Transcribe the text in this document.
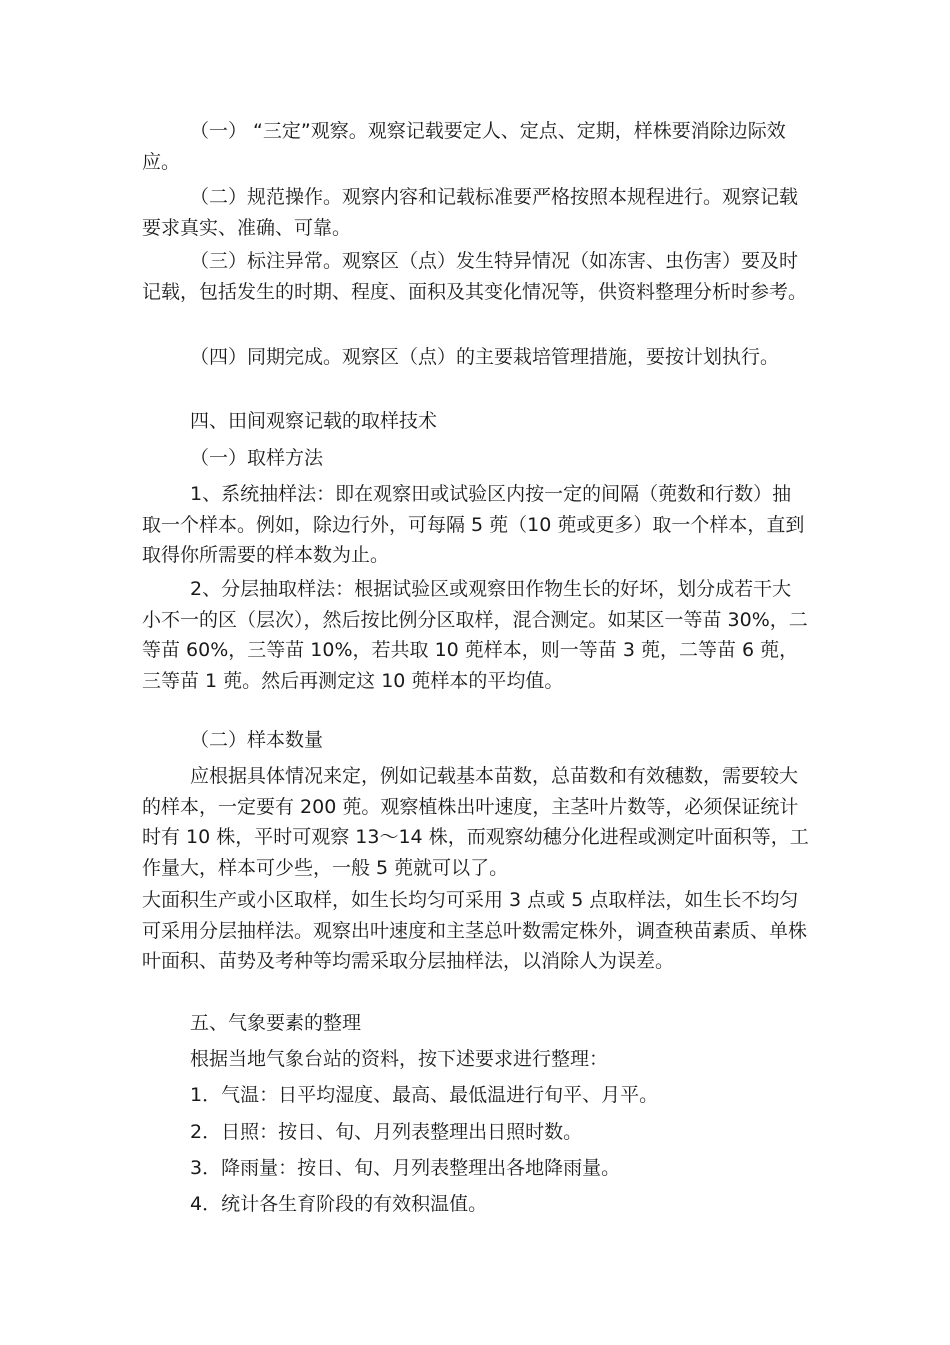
（一） “三定”观察。观察记载要定人、定点、定期，样株要消除边际效应。

（二）规范操作。观察内容和记载标准要严格按照本规程进行。观察记载要求真实、准确、可靠。

（三）标注异常。观察区（点）发生特异情况（如冻害、虫伤害）要及时记载，包括发生的时期、程度、面积及其变化情况等，供资料整理分析时参考。

（四）同期完成。观察区（点）的主要栽培管理措施，要按计划执行。

四、田间观察记载的取样技术

（一）取样方法

1、系统抽样法：即在观察田或试验区内按一定的间隔（蔸数和行数）抽取一个样本。例如，除边行外，可每隔 5 蔸（10 蔸或更多）取一个样本，直到取得你所需要的样本数为止。

2、分层抽取样法：根据试验区或观察田作物生长的好坏，划分成若干大小不一的区（层次），然后按比例分区取样，混合测定。如某区一等苗 30%，二等苗 60%，三等苗 10%，若共取 10 蔸样本，则一等苗 3 蔸，二等苗 6 蔸，三等苗 1 蔸。然后再测定这 10 蔸样本的平均值。

（二）样本数量

应根据具体情况来定，例如记载基本苗数，总苗数和有效穗数，需要较大的样本，一定要有 200 蔸。观察植株出叶速度，主茎叶片数等，必须保证统计时有 10 株，平时可观察 13～14 株，而观察幼穗分化进程或测定叶面积等，工作量大，样本可少些，一般 5 蔸就可以了。

大面积生产或小区取样，如生长均匀可采用 3 点或 5 点取样法，如生长不均匀可采用分层抽样法。观察出叶速度和主茎总叶数需定株外，调查秧苗素质、单株叶面积、苗势及考种等均需采取分层抽样法，以消除人为误差。

五、气象要素的整理

根据当地气象台站的资料，按下述要求进行整理：

1．气温：日平均湿度、最高、最低温进行旬平、月平。

2．日照：按日、旬、月列表整理出日照时数。

3．降雨量：按日、旬、月列表整理出各地降雨量。

4．统计各生育阶段的有效积温值。
